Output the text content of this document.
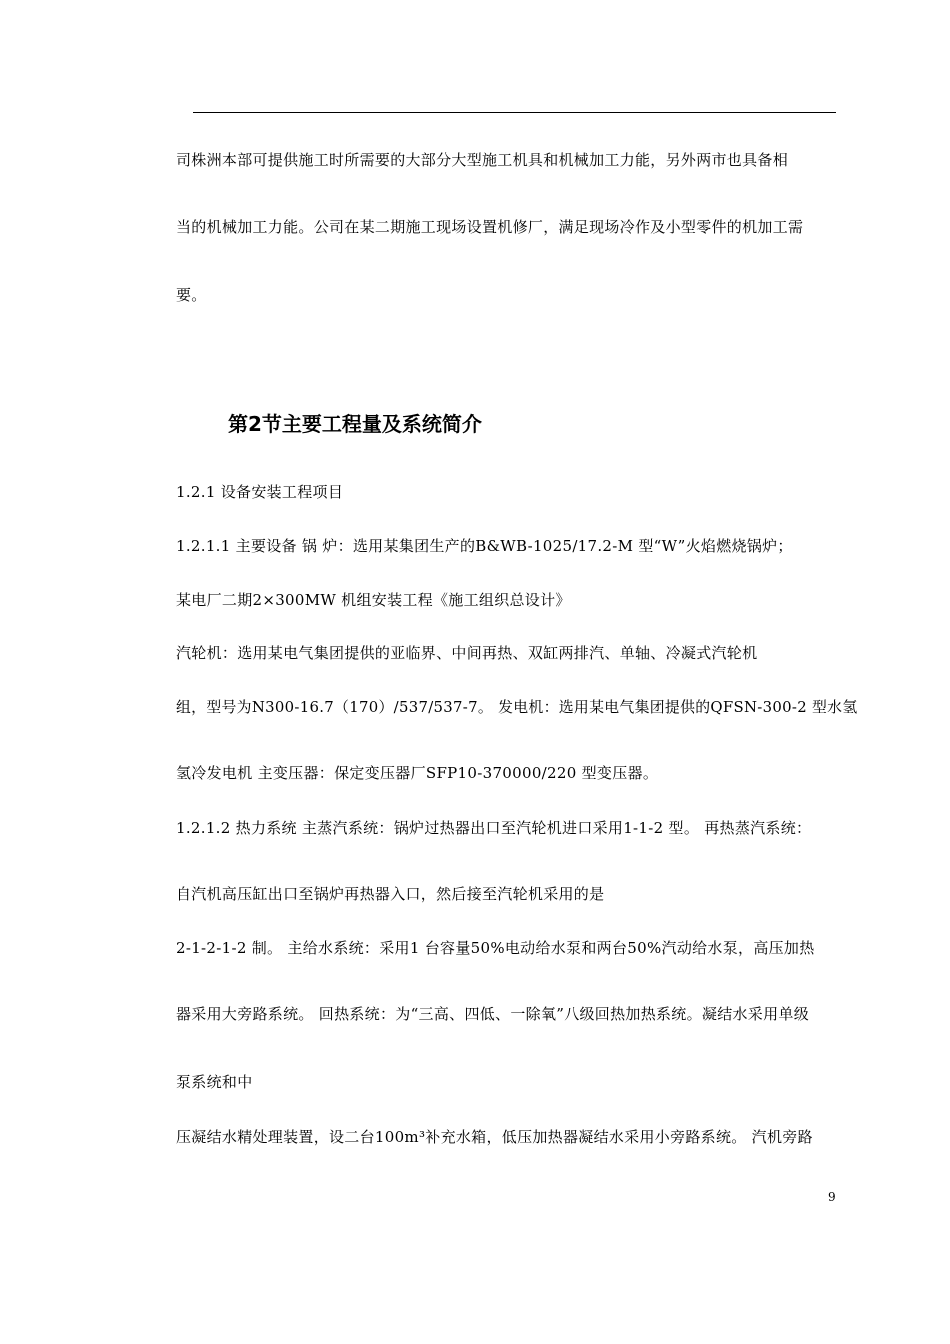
司株洲本部可提供施工时所需要的大部分大型施工机具和机械加工力能，另外两市也具备相
当的机械加工力能。公司在某二期施工现场设置机修厂，满足现场冷作及小型零件的机加工需
要。
第2节主要工程量及系统简介
1.2.1 设备安装工程项目
1.2.1.1 主要设备 锅 炉：选用某集团生产的B&WB-1025/17.2-M 型“W”火焰燃烧锅炉；
某电厂二期2×300MW 机组安装工程《施工组织总设计》
汽轮机：选用某电气集团提供的亚临界、中间再热、双缸两排汽、单轴、冷凝式汽轮机
组，型号为N300-16.7（170）/537/537-7。 发电机：选用某电气集团提供的QFSN-300-2 型水氢
氢冷发电机 主变压器：保定变压器厂SFP10-370000/220 型变压器。
1.2.1.2 热力系统 主蒸汽系统：锅炉过热器出口至汽轮机进口采用1-1-2 型。 再热蒸汽系统：
自汽机高压缸出口至锅炉再热器入口，然后接至汽轮机采用的是
2-1-2-1-2 制。 主给水系统：采用1 台容量50%电动给水泵和两台50%汽动给水泵，高压加热
器采用大旁路系统。 回热系统：为“三高、四低、一除氧”八级回热加热系统。凝结水采用单级
泵系统和中
压凝结水精处理装置，设二台100m³补充水箱，低压加热器凝结水采用小旁路系统。 汽机旁路
9
